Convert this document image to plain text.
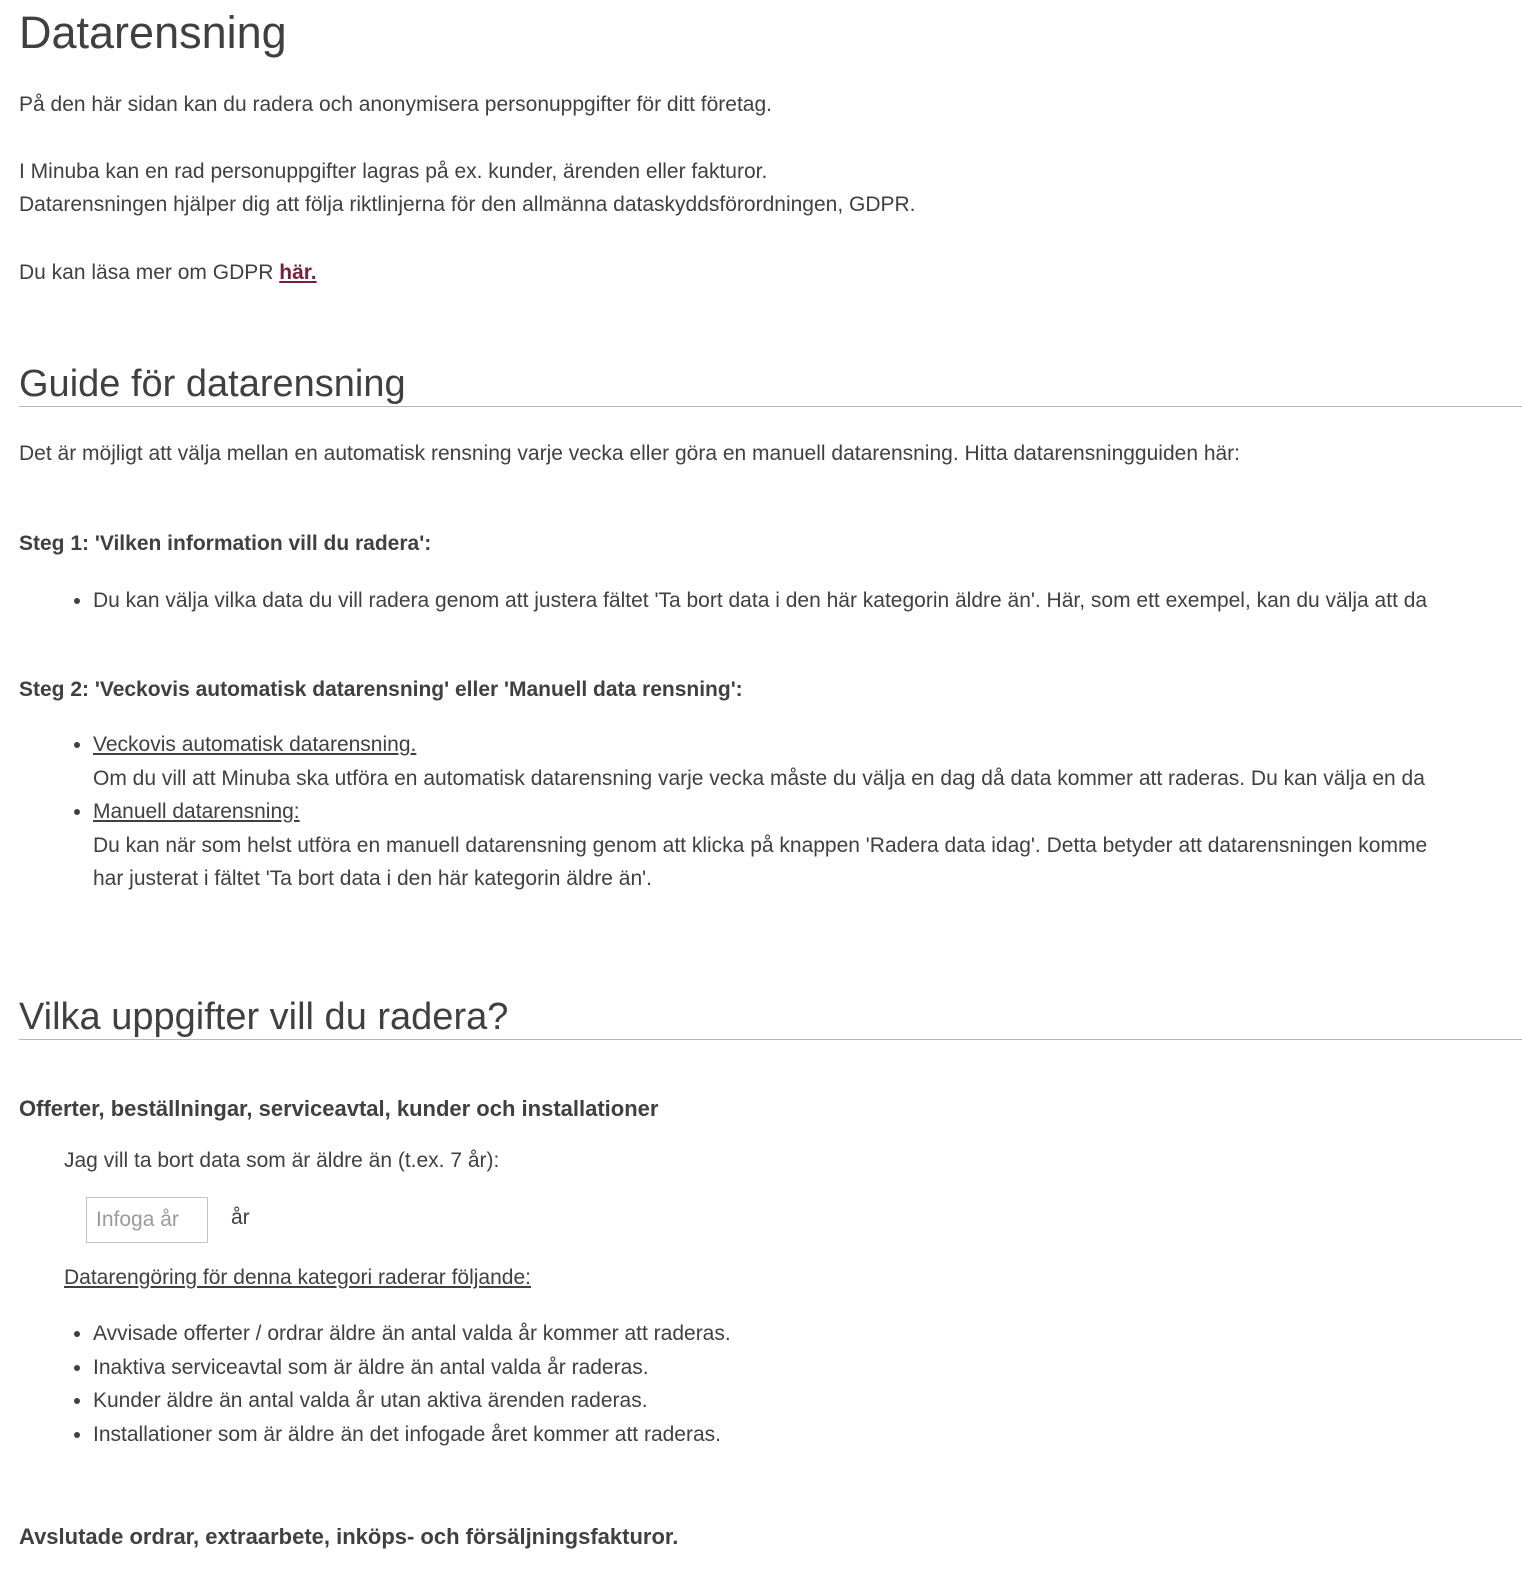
Datarensning
På den här sidan kan du radera och anonymisera personuppgifter för ditt företag.
I Minuba kan en rad personuppgifter lagras på ex. kunder, ärenden eller fakturor.
Datarensningen hjälper dig att följa riktlinjerna för den allmänna dataskyddsförordningen, GDPR.
Du kan läsa mer om GDPR här.
Guide för datarensning
Det är möjligt att välja mellan en automatisk rensning varje vecka eller göra en manuell datarensning. Hitta datarensningguiden här:
Steg 1: 'Vilken information vill du radera':
• Du kan välja vilka data du vill radera genom att justera fältet 'Ta bort data i den här kategorin äldre än'. Här, som ett exempel, kan du välja att da
Steg 2: 'Veckovis automatisk datarensning' eller 'Manuell data rensning':
• Veckovis automatisk datarensning.
Om du vill att Minuba ska utföra en automatisk datarensning varje vecka måste du välja en dag då data kommer att raderas. Du kan välja en da
• Manuell datarensning:
Du kan när som helst utföra en manuell datarensning genom att klicka på knappen 'Radera data idag'. Detta betyder att datarensningen komme
har justerat i fältet 'Ta bort data i den här kategorin äldre än'.
Vilka uppgifter vill du radera?
Offerter, beställningar, serviceavtal, kunder och installationer
Jag vill ta bort data som är äldre än (t.ex. 7 år):
Infoga år
år
Datarengöring för denna kategori raderar följande:
• Avvisade offerter / ordrar äldre än antal valda år kommer att raderas.
• Inaktiva serviceavtal som är äldre än antal valda år raderas.
• Kunder äldre än antal valda år utan aktiva ärenden raderas.
• Installationer som är äldre än det infogade året kommer att raderas.
Avslutade ordrar, extraarbete, inköps- och försäljningsfakturor.
